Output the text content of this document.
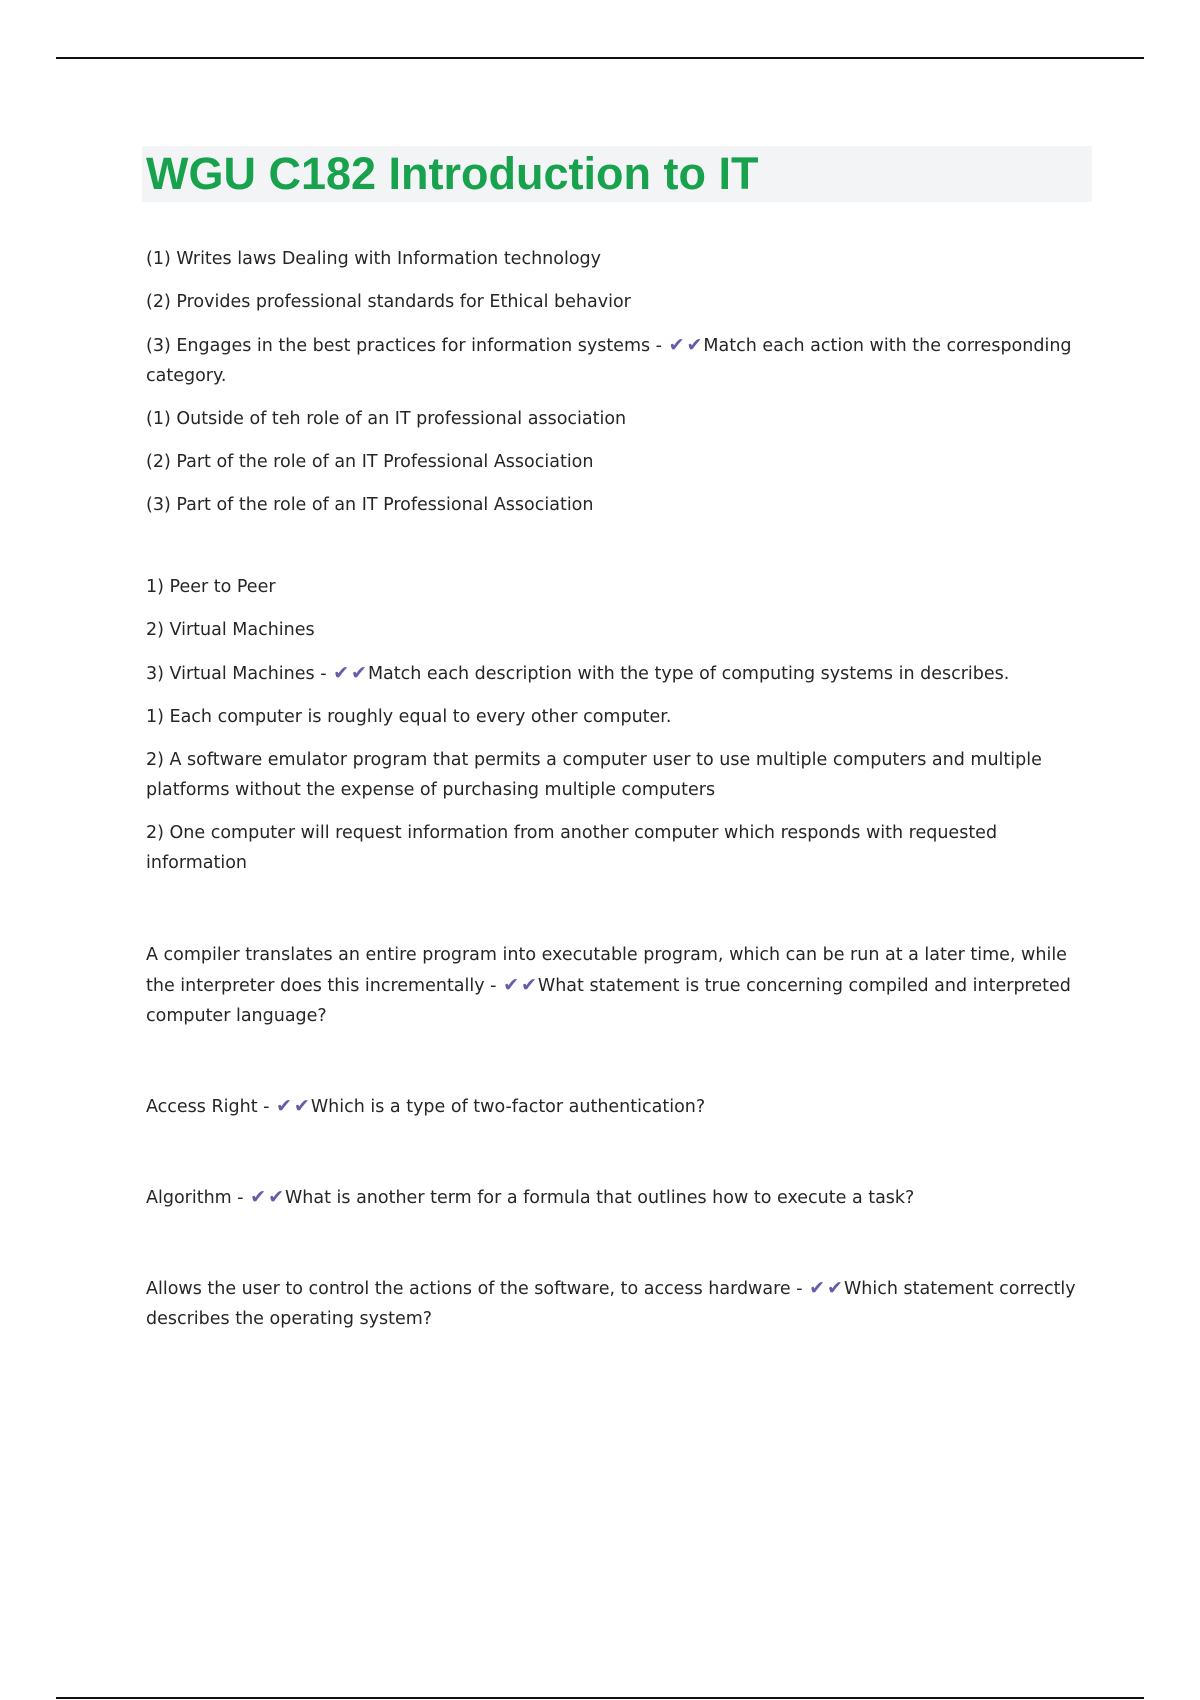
WGU C182 Introduction to IT

(1) Writes laws Dealing with Information technology

(2) Provides professional standards for Ethical behavior

(3) Engages in the best practices for information systems - ✔ ✔Match each action with the corresponding category.

(1) Outside of teh role of an IT professional association

(2) Part of the role of an IT Professional Association

(3) Part of the role of an IT Professional Association

1) Peer to Peer

2) Virtual Machines

3) Virtual Machines - ✔ ✔Match each description with the type of computing systems in describes.

1) Each computer is roughly equal to every other computer.

2) A software emulator program that permits a computer user to use multiple computers and multiple platforms without the expense of purchasing multiple computers

2) One computer will request information from another computer which responds with requested information

A compiler translates an entire program into executable program, which can be run at a later time, while the interpreter does this incrementally - ✔ ✔What statement is true concerning compiled and interpreted computer language?

Access Right - ✔ ✔Which is a type of two-factor authentication?

Algorithm - ✔ ✔What is another term for a formula that outlines how to execute a task?

Allows the user to control the actions of the software, to access hardware - ✔ ✔Which statement correctly describes the operating system?
